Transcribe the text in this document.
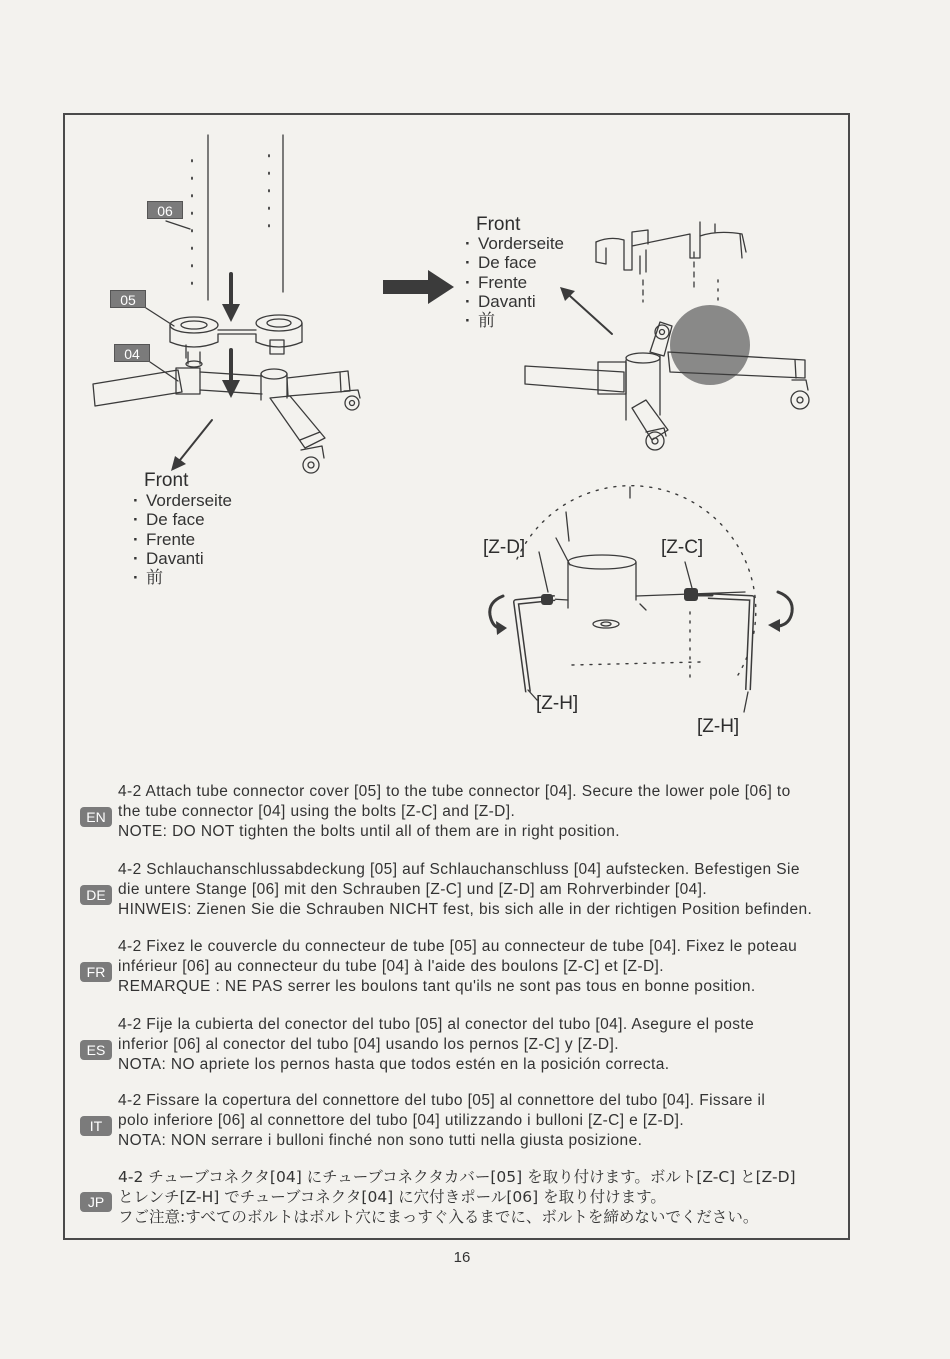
06
05
04
Front
· Vorderseite
· De face
· Frente
· Davanti
· 前
Front
· Vorderseite
· De face
· Frente
· Davanti
· 前
[Z-D]	[Z-C]
[Z-H]
[Z-H]
EN
4-2 Attach tube connector cover [05] to the tube connector [04]. Secure the lower pole [06] to
the tube connector [04] using the bolts [Z-C] and [Z-D].
NOTE: DO NOT tighten the bolts until all of them are in right position.
DE
4-2 Schlauchanschlussabdeckung [05] auf Schlauchanschluss [04] aufstecken. Befestigen Sie
die untere Stange [06] mit den Schrauben [Z-C] und [Z-D] am Rohrverbinder [04].
HINWEIS: Zienen Sie die Schrauben NICHT fest, bis sich alle in der richtigen Position befinden.
FR
4-2 Fixez le couvercle du connecteur de tube [05] au connecteur de tube [04]. Fixez le poteau
inférieur [06] au connecteur du tube [04] à l'aide des boulons [Z-C] et [Z-D].
REMARQUE : NE PAS serrer les boulons tant qu'ils ne sont pas tous en bonne position.
ES
4-2 Fije la cubierta del conector del tubo [05] al conector del tubo [04]. Asegure el poste
inferior [06] al conector del tubo [04] usando los pernos [Z-C] y [Z-D].
NOTA: NO apriete los pernos hasta que todos estén en la posición correcta.
IT
4-2 Fissare la copertura del connettore del tubo [05] al connettore del tubo [04]. Fissare il
polo inferiore [06] al connettore del tubo [04] utilizzando i bulloni [Z-C] e [Z-D].
NOTA: NON serrare i bulloni finché non sono tutti nella giusta posizione.
JP
4-2 チューブコネクタ[04] にチューブコネクタカバー[05] を取り付けます。ボルト[Z-C] と[Z-D]
とレンチ[Z-H] でチューブコネクタ[04] に穴付きポール[06] を取り付けます。
フご注意:すべてのボルトはボルト穴にまっすぐ入るまでに、ボルトを締めないでください。
16
